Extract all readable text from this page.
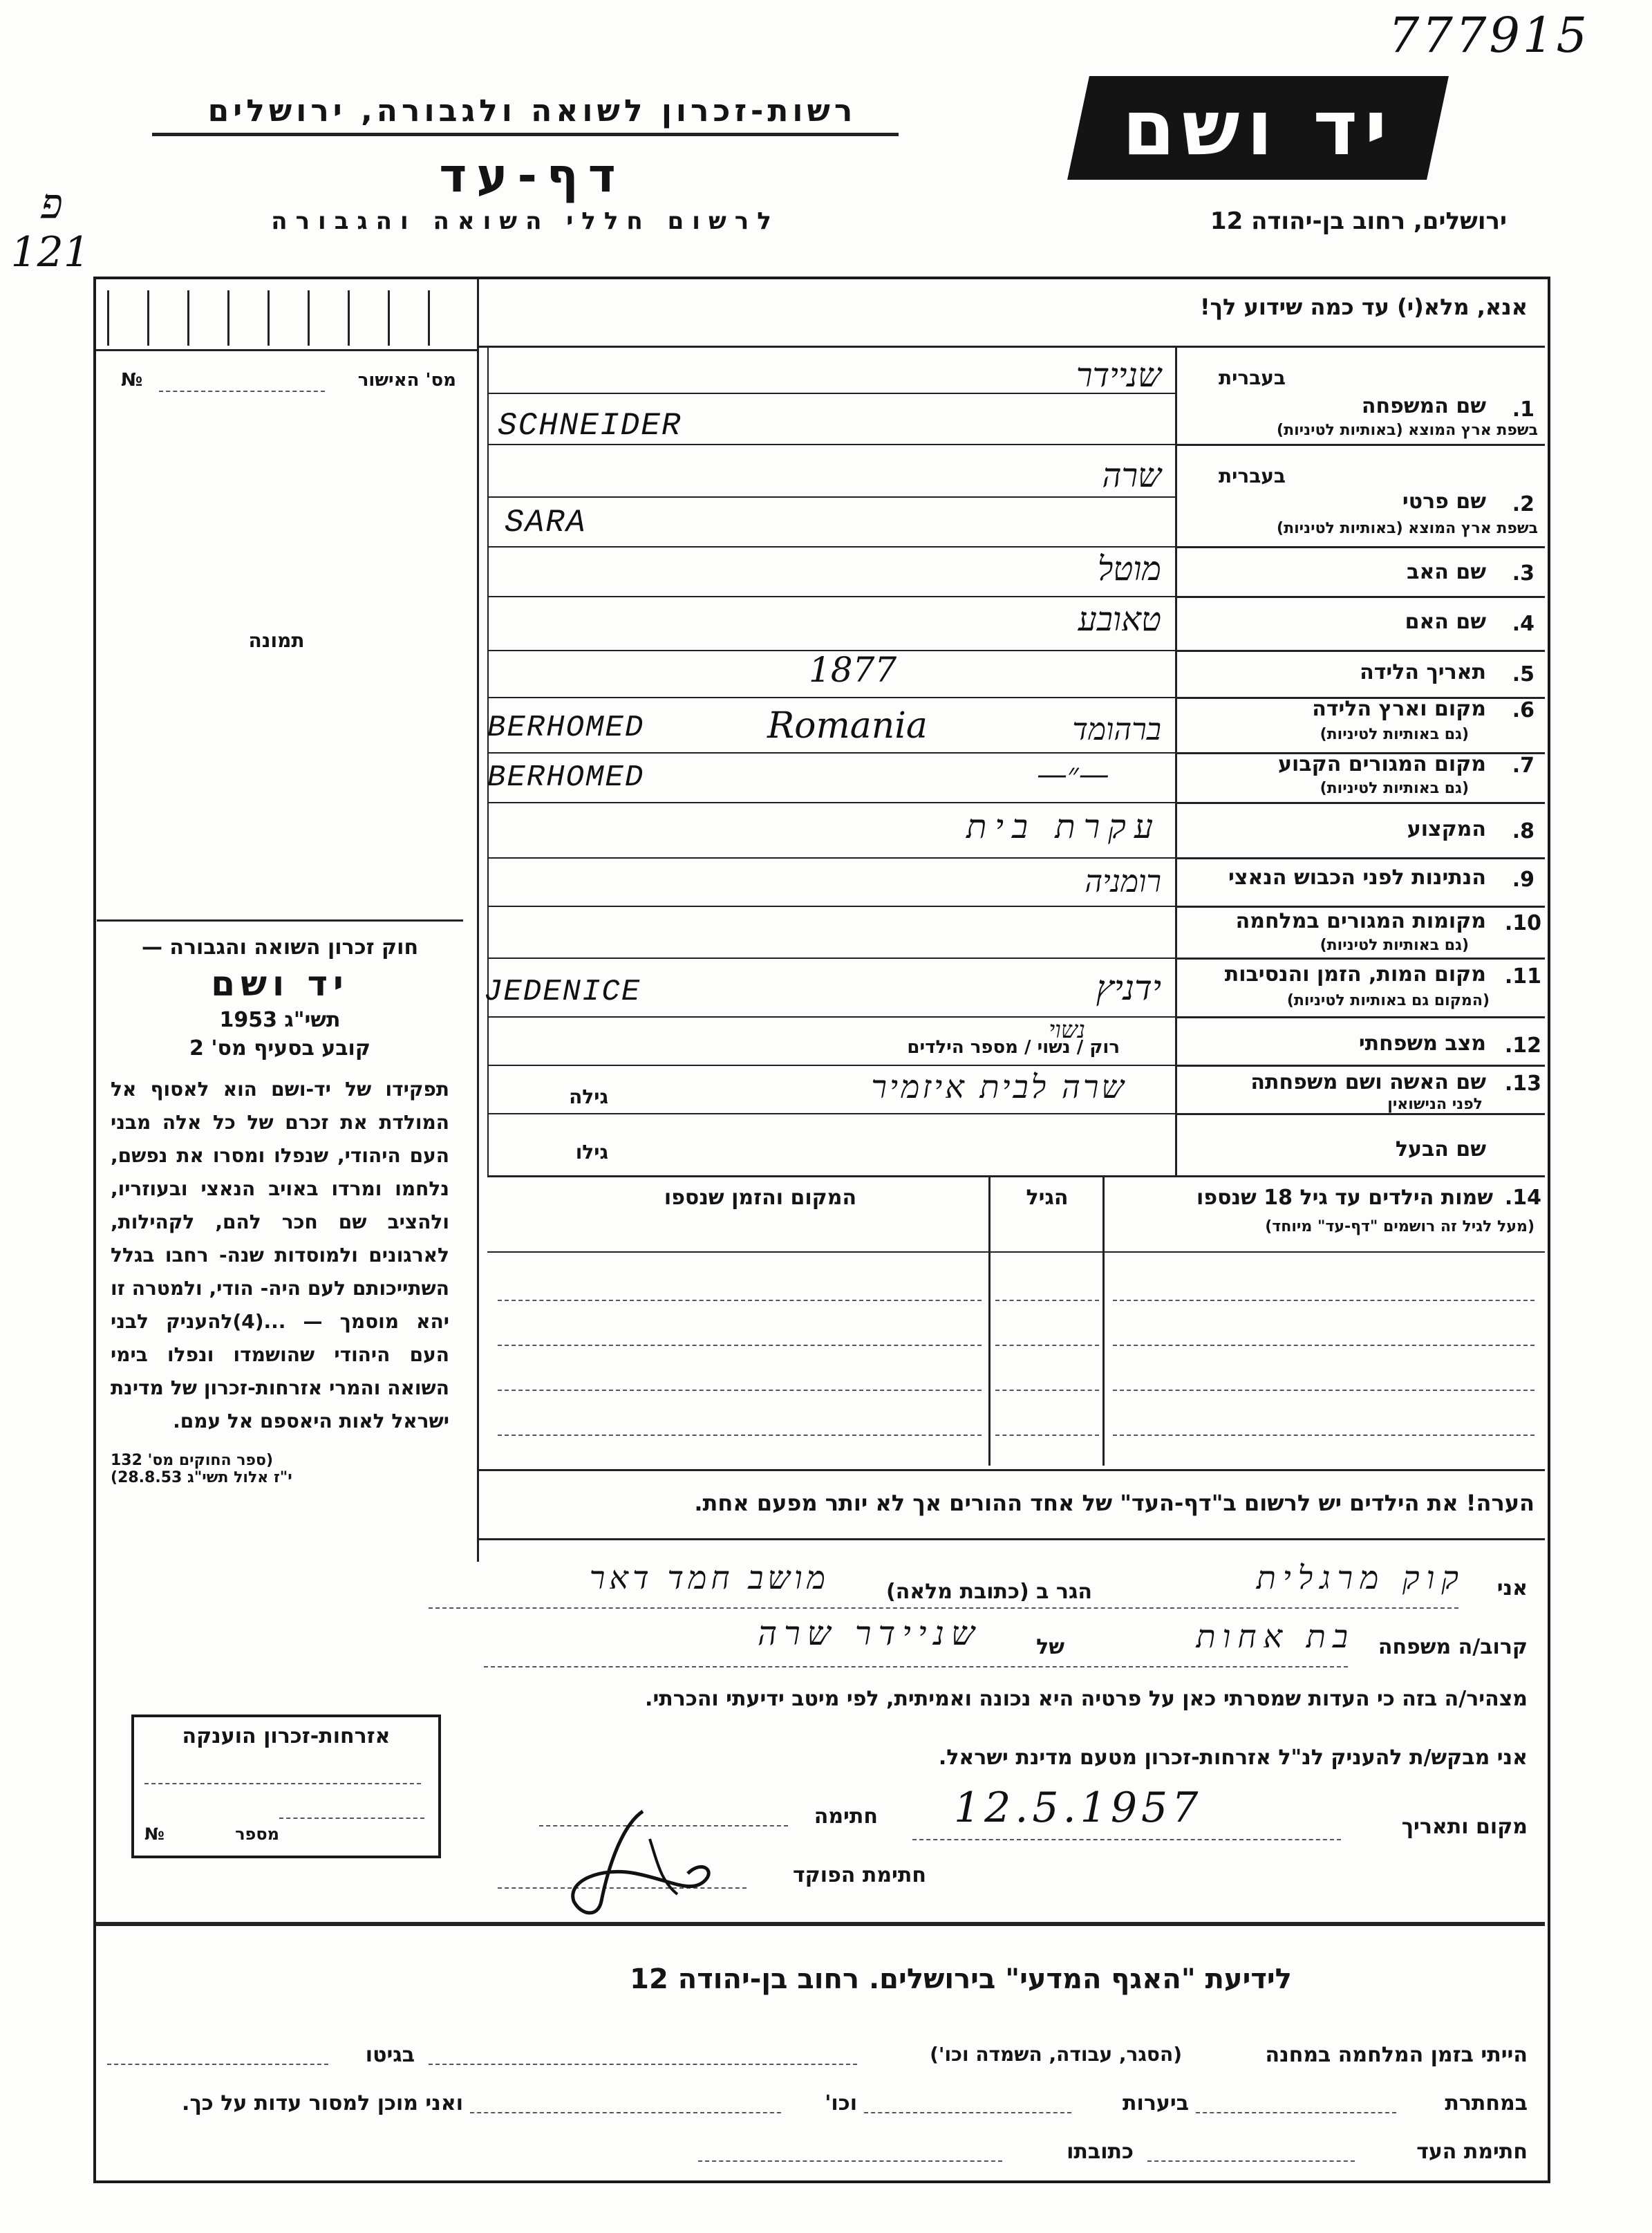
777915
פ 121
רשות-זכרון לשואה ולגבורה, ירושלים
דף-עד
לרשום חללי השואה והגבורה
יד ושם
ירושלים, רחוב בן-יהודה 12
מס' האישור
№
תמונה
חוק זכרון השואה והגבורה —
יד ושם
תשי"ג 1953
קובע בסעיף מס' 2
תפקידו של יד-ושם הוא לאסוף אל המולדת את זכרם של כל אלה מבני העם היהודי, שנפלו ומסרו את נפשם, נלחמו ומרדו באויב הנאצי ובעוזריו, ולהציב שם חכר להם, לקהילות, לארגונים ולמוסדות שנה- רחבו בגלל השתייכותם לעם היה- הודי, ולמטרה זו יהא מוסמך — ...(4)להעניק לבני העם היהודי שהושמדו ונפלו בימי השואה והמרי אזרחות-זכרון של מדינת ישראל לאות היאספם אל עמם.
(ספר החוקים מס' 132
י"ז אלול תשי"ג 28.8.53)
אנא, מלא(י) עד כמה שידוע לך!
בעברית
1.
שם המשפחה
בשפת ארץ המוצא (באותיות לטיניות)
שניידר
SCHNEIDER
בעברית
2.
שם פרטי
בשפת ארץ המוצא (באותיות לטיניות)
שרה
SARA
3.
שם האב
מוטל
4.
שם האם
טאובע
5.
תאריך הלידה
1877
6.
מקום וארץ הלידה
(גם באותיות לטיניות)
BERHOMED	Romania	ברהומד
7.
מקום המגורים הקבוע
(גם באותיות לטיניות)
BERHOMED	—״—
8.
המקצוע
עקרת בית
9.
הנתינות לפני הכבוש הנאצי
רומניה
10.
מקומות המגורים במלחמה
(גם באותיות לטיניות)
11.
מקום המות, הזמן והנסיבות
(המקום גם באותיות לטיניות)
JEDENICE	ידניץ
12.
מצב משפחתי
רוק / נשוי / מספר הילדים
נשוי
13.
שם האשה ושם משפחתה
לפני הנישואין
גילה	שרה לבית איזמיר
שם הבעל
גילו
14.
שמות הילדים עד גיל 18 שנספו
(מעל לגיל זה רושמים "דף-עד" מיוחד)
הגיל
המקום והזמן שנספו
הערה! את הילדים יש לרשום ב"דף-העד" של אחד ההורים אך לא יותר מפעם אחת.
אני
קוק מרגלית
הגר ב (כתובת מלאה)
מושב חמד דאר
קרוב/ה משפחה
בת אחות
של
שניידר שרה
מצהיר/ה בזה כי העדות שמסרתי כאן על פרטיה היא נכונה ואמיתית, לפי מיטב ידיעתי והכרתי.
אני מבקש/ת להעניק לנ"ל אזרחות-זכרון מטעם מדינת ישראל.
מקום ותאריך
12.5.1957
חתימה
חתימת הפוקד
אזרחות-זכרון הוענקה
מספר
№
לידיעת "האגף המדעי" בירושלים. רחוב בן-יהודה 12
הייתי בזמן המלחמה במחנה
(הסגר, עבודה, השמדה וכו')
בגיטו
במחתרת
ביערות
וכו'
ואני מוכן למסור עדות על כך.
חתימת העד
כתובתו
